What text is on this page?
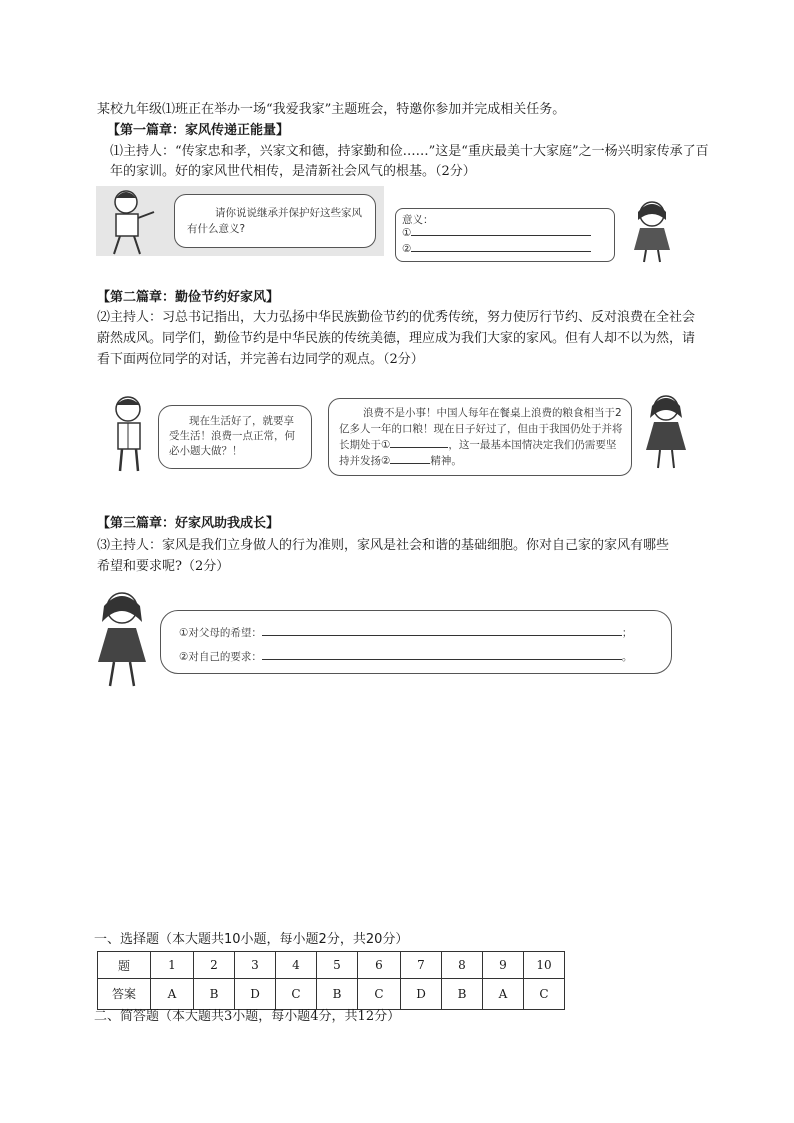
某校九年级⑴班正在举办一场“我爱我家”主题班会，特邀你参加并完成相关任务。
【第一篇章：家风传递正能量】
⑴主持人：“传家忠和孝，兴家文和德，持家勤和俭……”这是“重庆最美十大家庭”之一杨兴明家传承了百年的家训。好的家风世代相传，是清新社会风气的根基。（2分）
请你说说继承并保护好这些家风有什么意义?
意义：
①
②
【第二篇章：勤俭节约好家风】
⑵主持人：习总书记指出，大力弘扬中华民族勤俭节约的优秀传统，努力使厉行节约、反对浪费在全社会蔚然成风。同学们，勤俭节约是中华民族的传统美德，理应成为我们大家的家风。但有人却不以为然，请看下面两位同学的对话，并完善右边同学的观点。（2分）
现在生活好了，就要享受生活！浪费一点正常，何必小题大做？！
浪费不是小事！中国人每年在餐桌上浪费的粮食相当于2亿多人一年的口粮！现在日子好过了，但由于我国仍处于并将长期处于①	，这一最基本国情决定我们仍需要坚持并发扬②	精神。
【第三篇章：好家风助我成长】
⑶主持人：家风是我们立身做人的行为准则，家风是社会和谐的基础细胞。你对自己家的家风有哪些希望和要求呢?（2分）
①对父母的希望：	；
②对自己的要求：	。
一、选择题（本大题共10小题，每小题2分，共20分）
题	1	2	3	4	5	6	7	8	9	10
答案	A	B	D	C	B	C	D	B	A	C
二、简答题（本大题共3小题，每小题4分，共12分）
